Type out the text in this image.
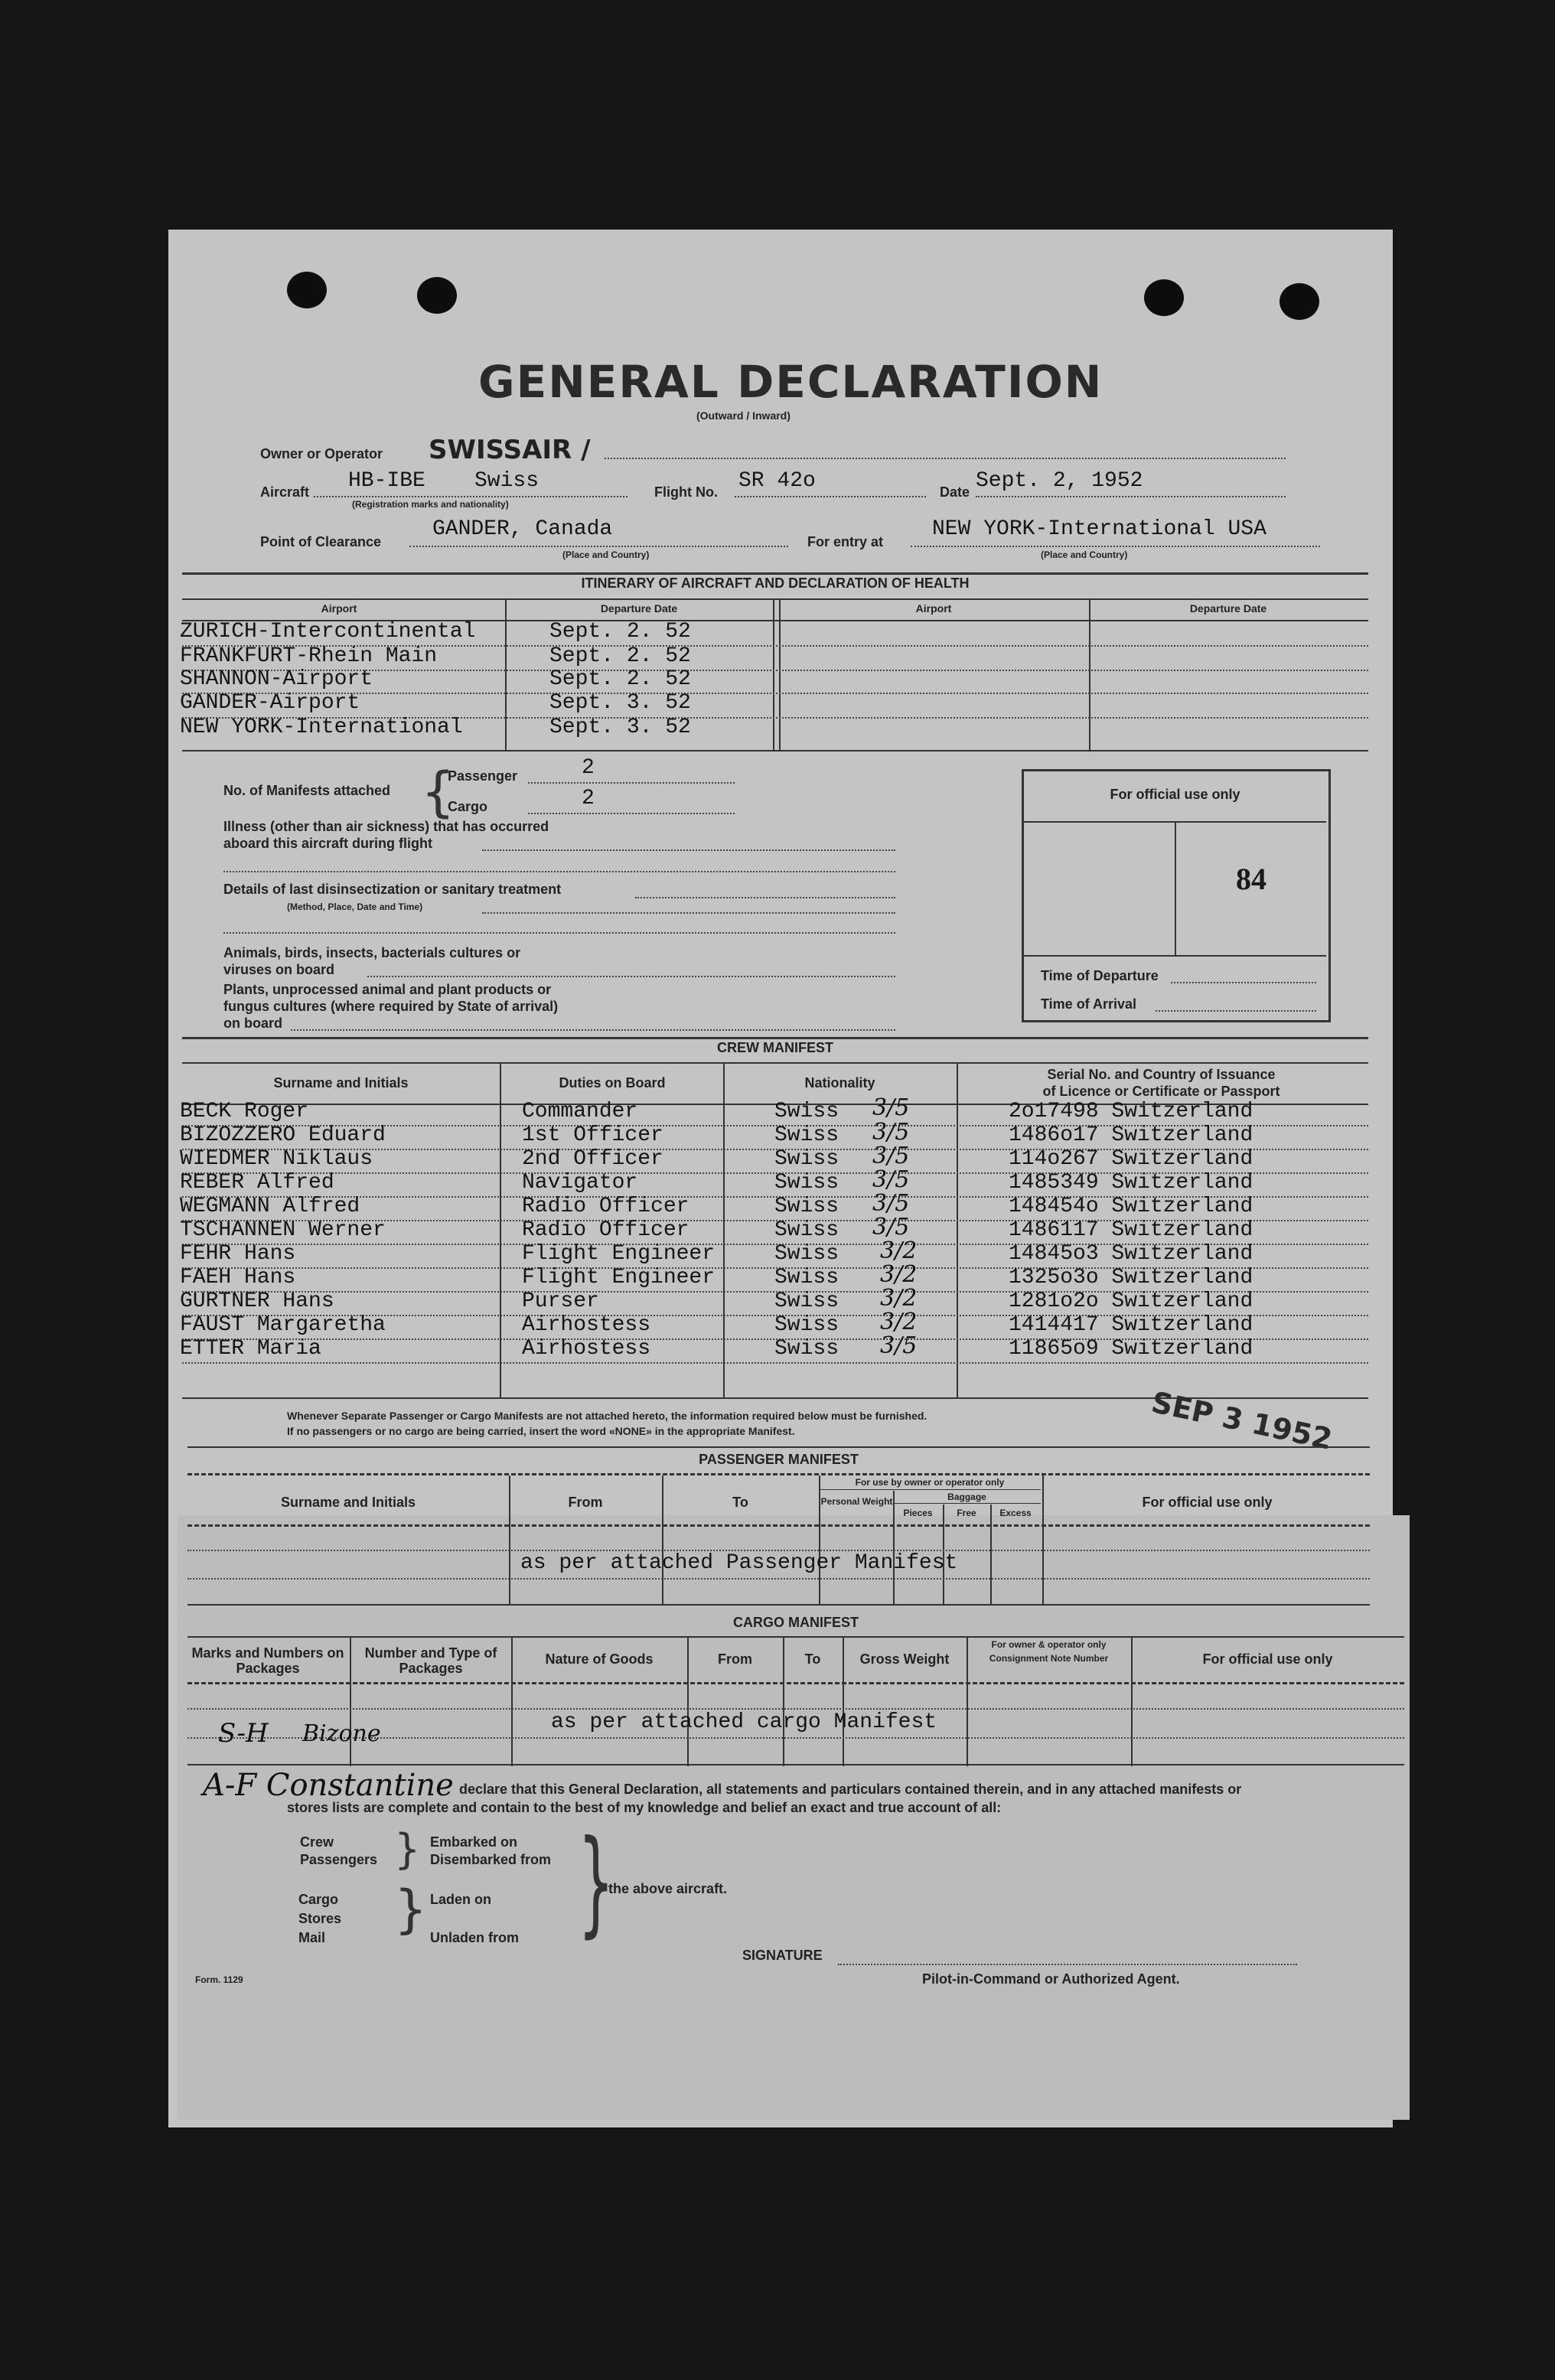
GENERAL DECLARATION
(Outward / Inward)
Owner or Operator SWISSAIR /
Aircraft HB-IBE Swiss
(Registration marks and nationality)
Flight No. SR 42o	Date Sept. 2, 1952
Point of Clearance
GANDER, Canada
(Place and Country)
For entry at
NEW YORK-International USA
(Place and Country)
ITINERARY OF AIRCRAFT AND DECLARATION OF HEALTH
Airport	Departure Date	Airport	Departure Date
ZURICH-Intercontinental	Sept. 2. 52
FRANKFURT-Rhein Main	Sept. 2. 52
SHANNON-Airport	Sept. 2. 52
GANDER-Airport	Sept. 3. 52
NEW YORK-International	Sept. 3. 52
No. of Manifests attached {
Passenger	2
Cargo	2
Illness (other than air sickness) that has occurred
aboard this aircraft during flight
Details of last disinsectization or sanitary treatment
(Method, Place, Date and Time)
Animals, birds, insects, bacterials cultures or
viruses on board
Plants, unprocessed animal and plant products or
fungus cultures (where required by State of arrival)
on board
For official use only
84
Time of Departure
Time of Arrival
CREW MANIFEST
Surname and Initials	Duties on Board	Nationality
Serial No. and Country of Issuance
of Licence or Certificate or Passport
BECK Roger	Commander	Swiss 3/5	2o17498 Switzerland
BIZOZZERO Eduard	1st Officer	Swiss 3/5	1486o17 Switzerland
WIEDMER Niklaus	2nd Officer	Swiss 3/5	114o267 Switzerland
REBER Alfred	Navigator	Swiss 3/5	1485349 Switzerland
WEGMANN Alfred	Radio Officer	Swiss 3/5	148454o Switzerland
TSCHANNEN Werner	Radio Officer	Swiss 3/5	1486117 Switzerland
FEHR Hans	Flight Engineer	Swiss 3/2	14845o3 Switzerland
FAEH Hans	Flight Engineer	Swiss 3/2	1325o3o Switzerland
GURTNER Hans	Purser	Swiss 3/2	1281o2o Switzerland
FAUST Margaretha	Airhostess	Swiss 3/2	1414417 Switzerland
ETTER Maria	Airhostess	Swiss 3/5	11865o9 Switzerland
Whenever Separate Passenger or Cargo Manifests are not attached hereto, the information required below must be furnished.
If no passengers or no cargo are being carried, insert the word «NONE» in the appropriate Manifest.	SEP 3 1952
PASSENGER MANIFEST
Surname and Initials	From	To
For use by owner or operator only
Personal Weight	Baggage
Pieces	Free	Excess
For official use only
as per attached Passenger Manifest
CARGO MANIFEST
Marks and Numbers on Packages
Number and Type of Packages
Nature of Goods	From	To	Gross Weight
For owner & operator only
Consignment Note Number	For official use only
as per attached cargo Manifest
S-H Bizone
A-F Constantine declare that this General Declaration, all statements and particulars contained therein, and in any attached manifests or
stores lists are complete and contain to the best of my knowledge and belief an exact and true account of all:
Crew
Passengers } Embarked on
Disembarked from
Cargo
Stores
Mail } Laden on
Unladen from }
the above aircraft.
SIGNATURE
Pilot-in-Command or Authorized Agent.
Form. 1129
